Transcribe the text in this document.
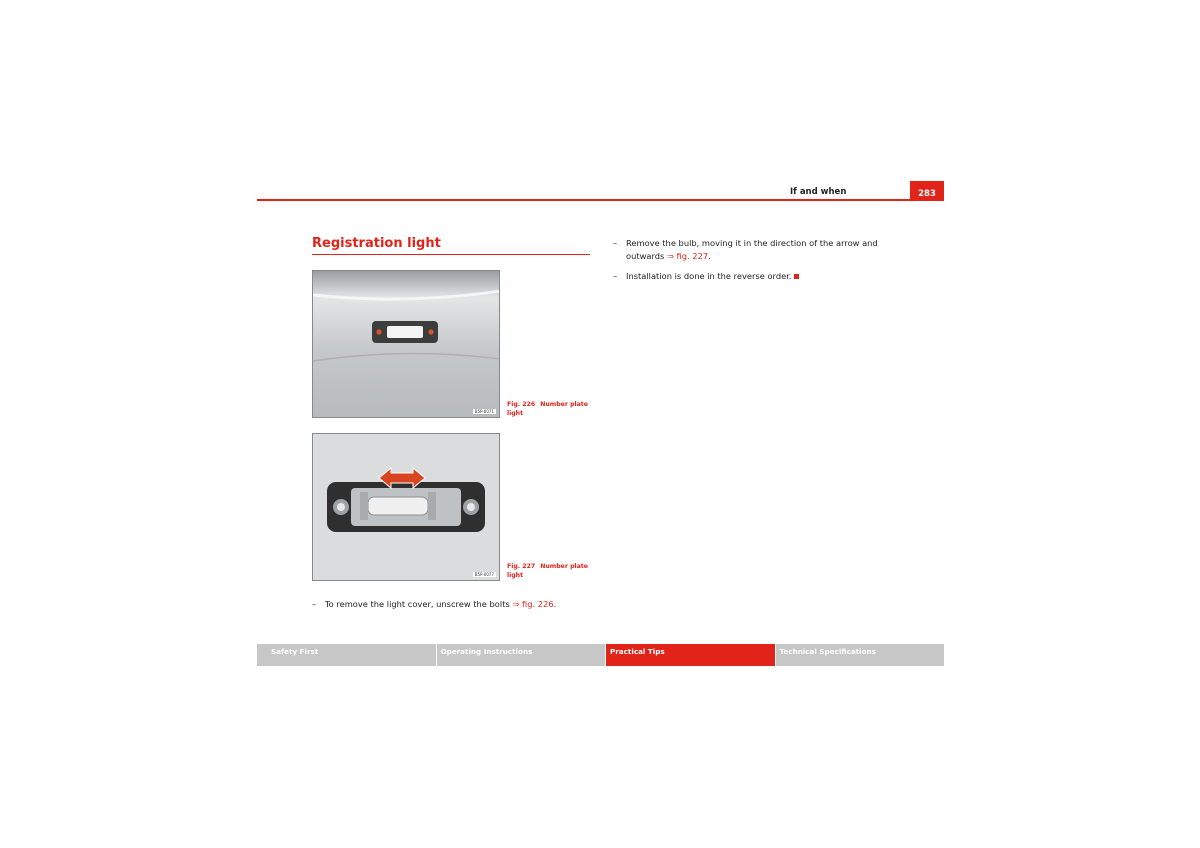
If and when	283
Registration light
B5P-0071
Fig. 226 Number plate light
B5P-0077
Fig. 227 Number plate light
–	To remove the light cover, unscrew the bolts ⇒ fig. 226.
–	Remove the bulb, moving it in the direction of the arrow and outwards ⇒ fig. 227.
–	Installation is done in the reverse order.
Safety First	Operating Instructions	Practical Tips	Technical Specifications
